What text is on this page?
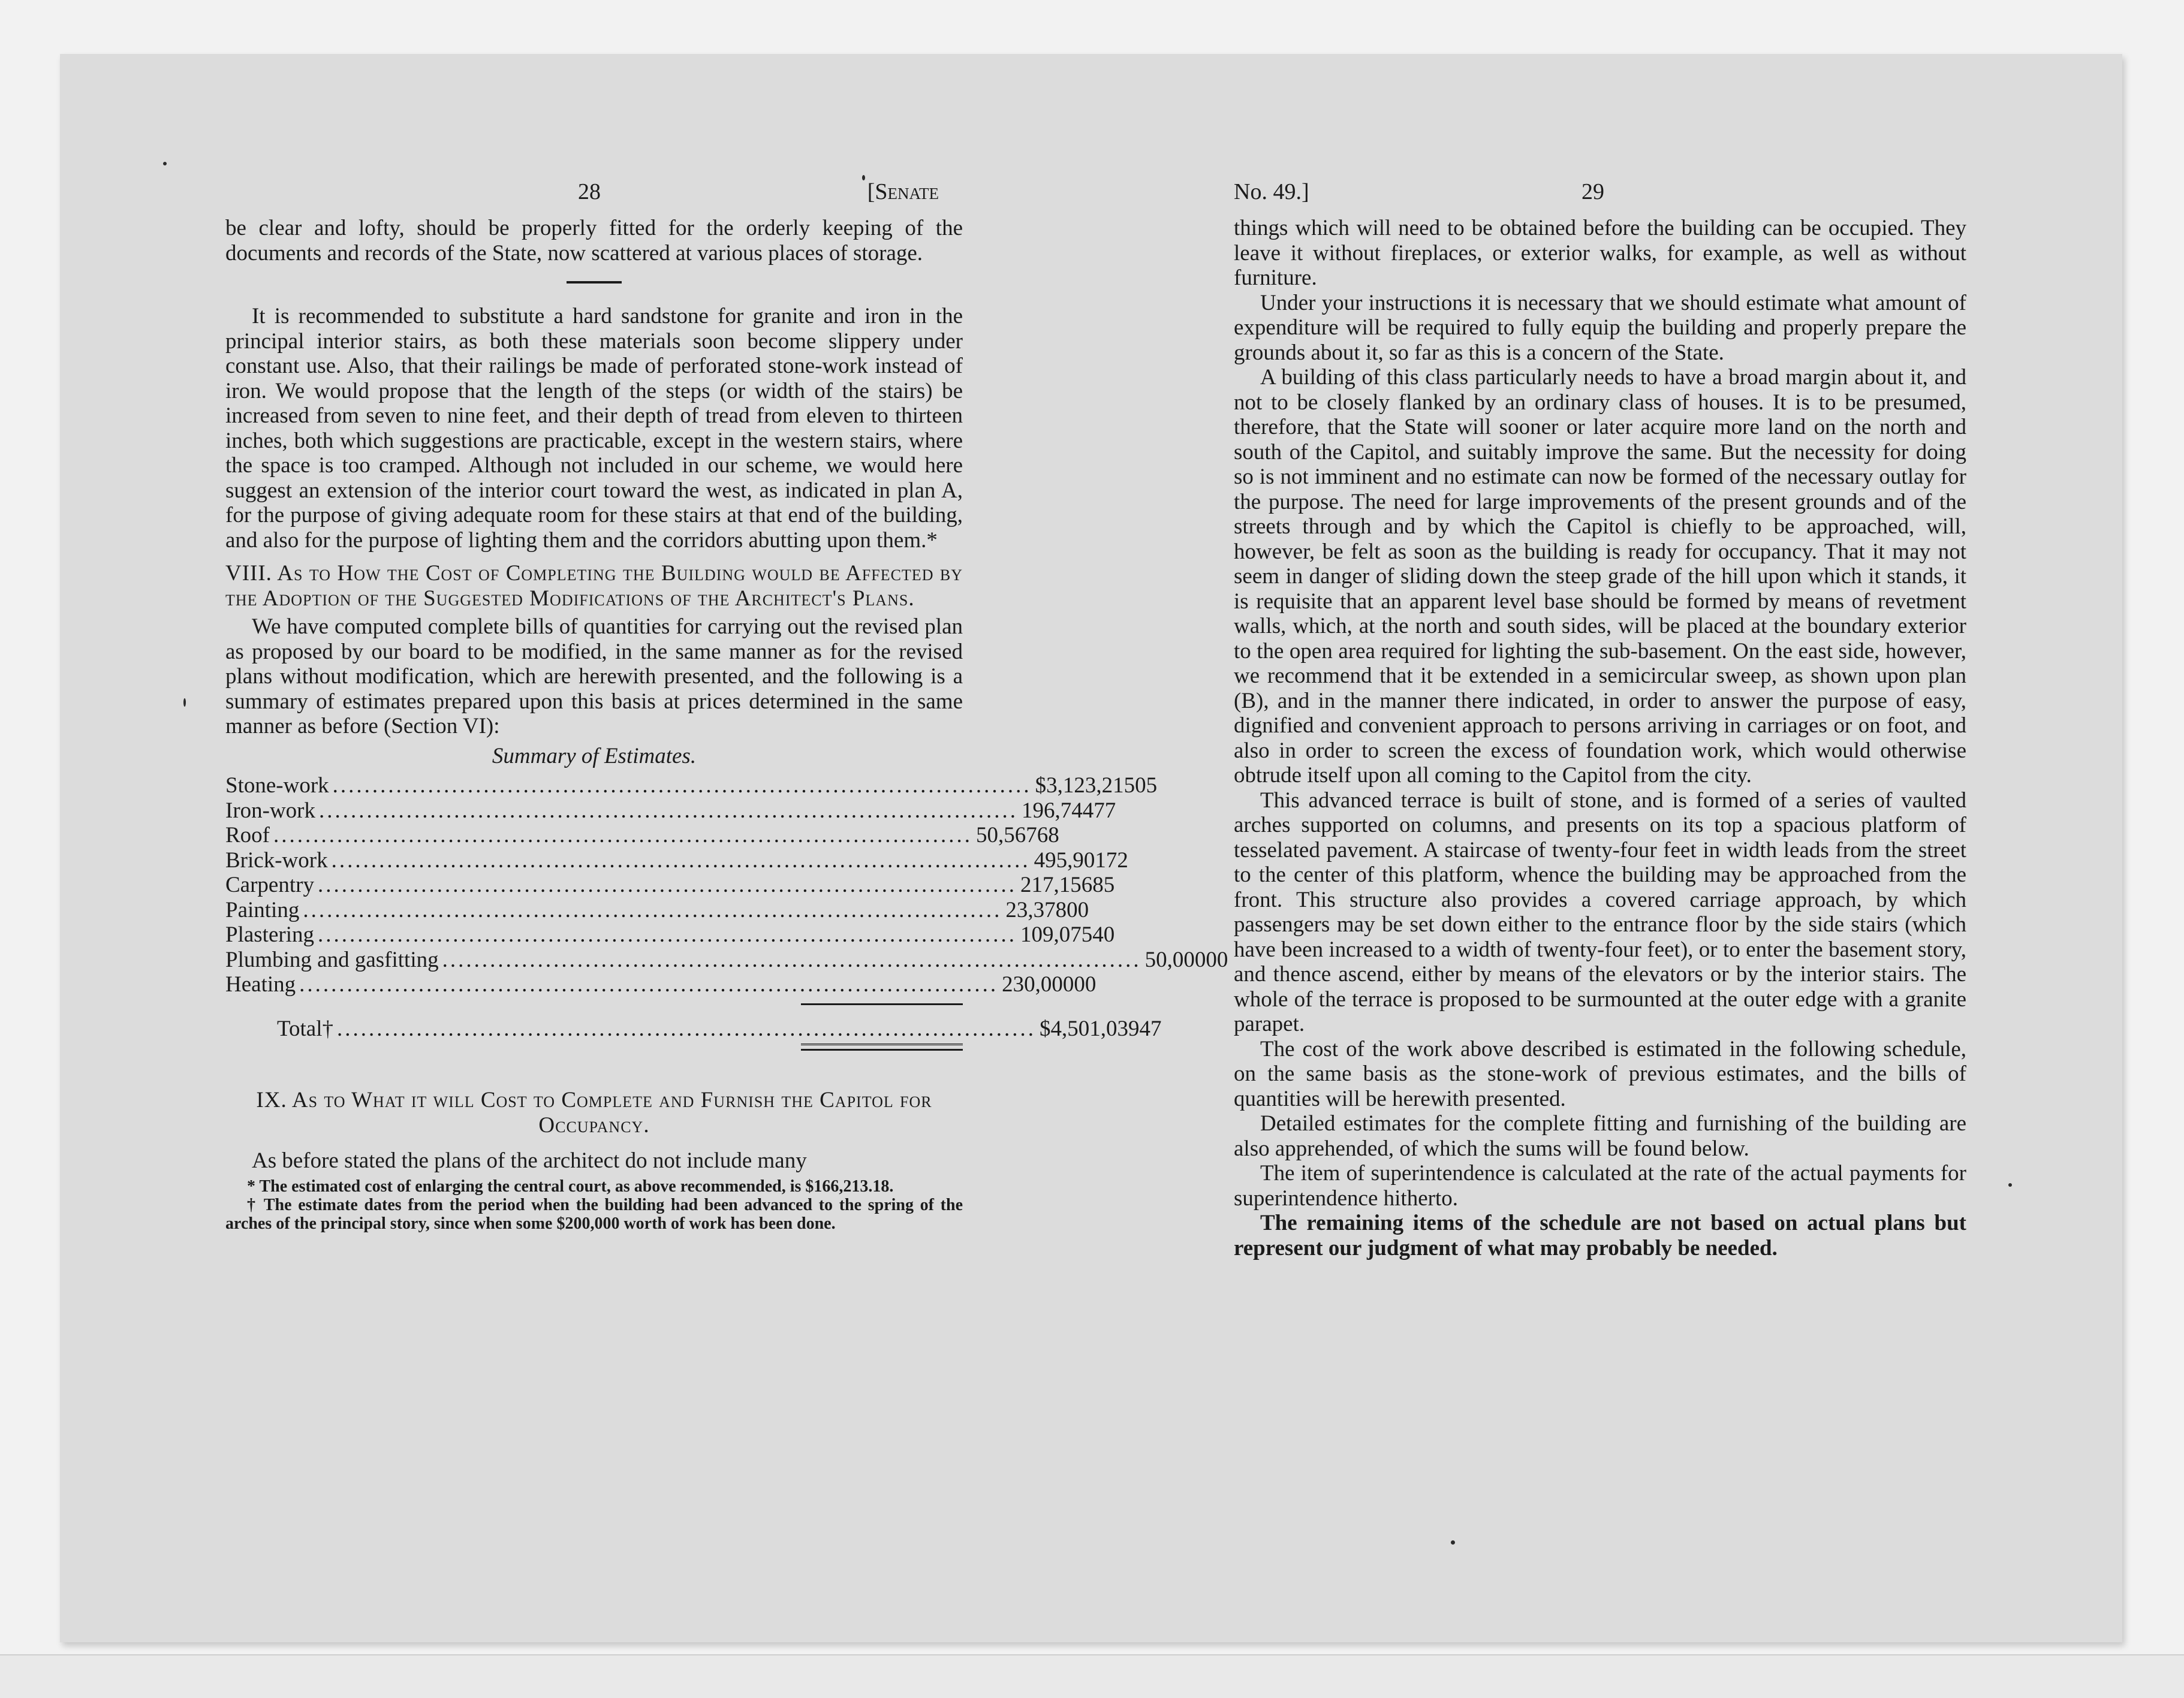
28	[Senate

be clear and lofty, should be properly fitted for the orderly keeping of the documents and records of the State, now scattered at various places of storage.

It is recommended to substitute a hard sandstone for granite and iron in the principal interior stairs, as both these materials soon become slippery under constant use. Also, that their railings be made of perforated stone-work instead of iron. We would propose that the length of the steps (or width of the stairs) be increased from seven to nine feet, and their depth of tread from eleven to thirteen inches, both which suggestions are practicable, except in the western stairs, where the space is too cramped. Although not included in our scheme, we would here suggest an extension of the interior court toward the west, as indicated in plan A, for the purpose of giving adequate room for these stairs at that end of the building, and also for the purpose of lighting them and the corridors abutting upon them.*

VIII. As to How the Cost of Completing the Building would be Affected by the Adoption of the Suggested Modifications of the Architect's Plans.

We have computed complete bills of quantities for carrying out the revised plan as proposed by our board to be modified, in the same manner as for the revised plans without modification, which are herewith presented, and the following is a summary of estimates prepared upon this basis at prices determined in the same manner as before (Section VI):

Summary of Estimates.
Stone-work ........................................................................................ $3,123,215 05
Iron-work ........................................................................................ 196,744 77
Roof ........................................................................................ 50,567 68
Brick-work ........................................................................................ 495,901 72
Carpentry ........................................................................................ 217,156 85
Painting ........................................................................................ 23,378 00
Plastering ........................................................................................ 109,075 40
Plumbing and gasfitting ........................................................................................ 50,000 00
Heating ........................................................................................ 230,000 00
Total† ........................................................................................ $4,501,039 47

IX. As to What it will Cost to Complete and Furnish the Capitol for Occupancy.

As before stated the plans of the architect do not include many

* The estimated cost of enlarging the central court, as above recommended, is $166,213.18.

† The estimate dates from the period when the building had been advanced to the spring of the arches of the principal story, since when some $200,000 worth of work has been done.

No. 49.]	29

things which will need to be obtained before the building can be occupied. They leave it without fireplaces, or exterior walks, for example, as well as without furniture.

Under your instructions it is necessary that we should estimate what amount of expenditure will be required to fully equip the building and properly prepare the grounds about it, so far as this is a concern of the State.

A building of this class particularly needs to have a broad margin about it, and not to be closely flanked by an ordinary class of houses. It is to be presumed, therefore, that the State will sooner or later acquire more land on the north and south of the Capitol, and suitably improve the same. But the necessity for doing so is not imminent and no estimate can now be formed of the necessary outlay for the purpose. The need for large improvements of the present grounds and of the streets through and by which the Capitol is chiefly to be approached, will, however, be felt as soon as the building is ready for occupancy. That it may not seem in danger of sliding down the steep grade of the hill upon which it stands, it is requisite that an apparent level base should be formed by means of revetment walls, which, at the north and south sides, will be placed at the boundary exterior to the open area required for lighting the sub-basement. On the east side, however, we recommend that it be extended in a semicircular sweep, as shown upon plan (B), and in the manner there indicated, in order to answer the purpose of easy, dignified and convenient approach to persons arriving in carriages or on foot, and also in order to screen the excess of foundation work, which would otherwise obtrude itself upon all coming to the Capitol from the city.

This advanced terrace is built of stone, and is formed of a series of vaulted arches supported on columns, and presents on its top a spacious platform of tesselated pavement. A staircase of twenty-four feet in width leads from the street to the center of this platform, whence the building may be approached from the front. This structure also provides a covered carriage approach, by which passengers may be set down either to the entrance floor by the side stairs (which have been increased to a width of twenty-four feet), or to enter the basement story, and thence ascend, either by means of the elevators or by the interior stairs. The whole of the terrace is proposed to be surmounted at the outer edge with a granite parapet.

The cost of the work above described is estimated in the following schedule, on the same basis as the stone-work of previous estimates, and the bills of quantities will be herewith presented.

Detailed estimates for the complete fitting and furnishing of the building are also apprehended, of which the sums will be found below.

The item of superintendence is calculated at the rate of the actual payments for superintendence hitherto.

The remaining items of the schedule are not based on actual plans but represent our judgment of what may probably be needed.
